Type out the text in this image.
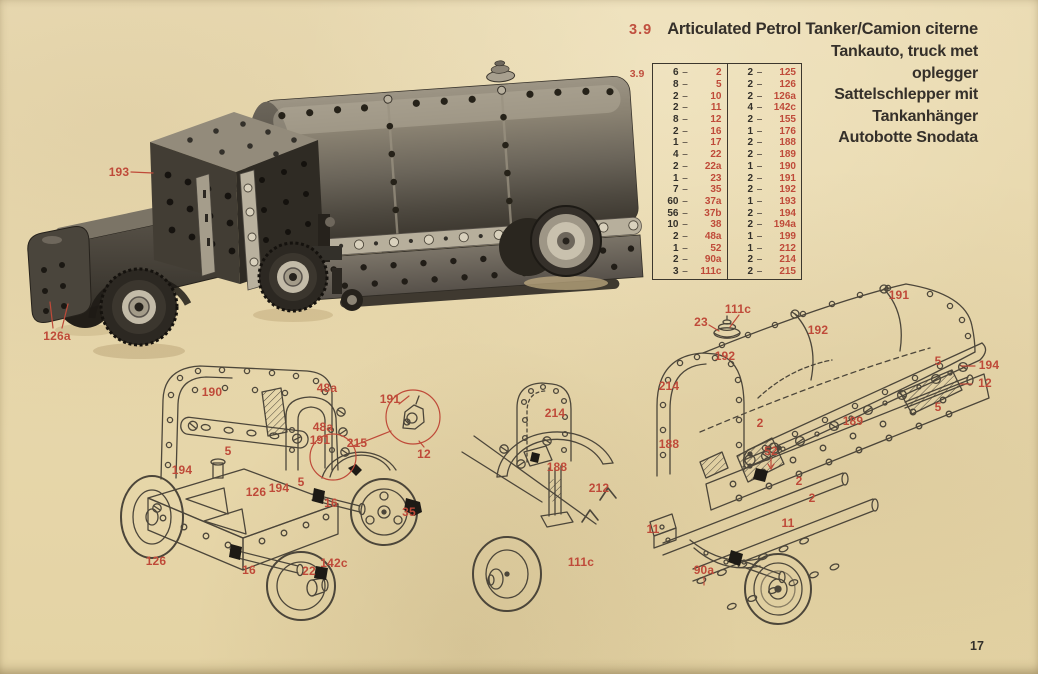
3.9 Articulated Petrol Tanker/Camion citerne
Tankauto, truck met
oplegger
Sattelschlepper mit
Tankanhänger
Autobotte Snodata
3.9	6 –	2
8 –	5
2 –	10
2 –	11
8 –	12
2 –	16
1 –	17
4 –	22
2 –	22a
1 –	23
7 –	35
60 –	37a
56 –	37b
10 –	38
2 –	48a
1 –	52
2 –	90a
3 –	111c
2 –	125
2 –	126
2 –	126a
4 –	142c
2 –	155
1 –	176
2 –	188
2 –	189
1 –	190
2 –	191
2 –	192
1 –	193
2 –	194
2 –	194a
1 –	199
1 –	212
2 –	214
2 –	215
193
126a
190	48a
191
48a
191 215
12
5
194
126 194 5
16
35
126
16	22
142c
214
188
212
111c
23
111c
191
192
192
214
5	194
12
5
2	189
188	52
2
2
11
11
90a
17
